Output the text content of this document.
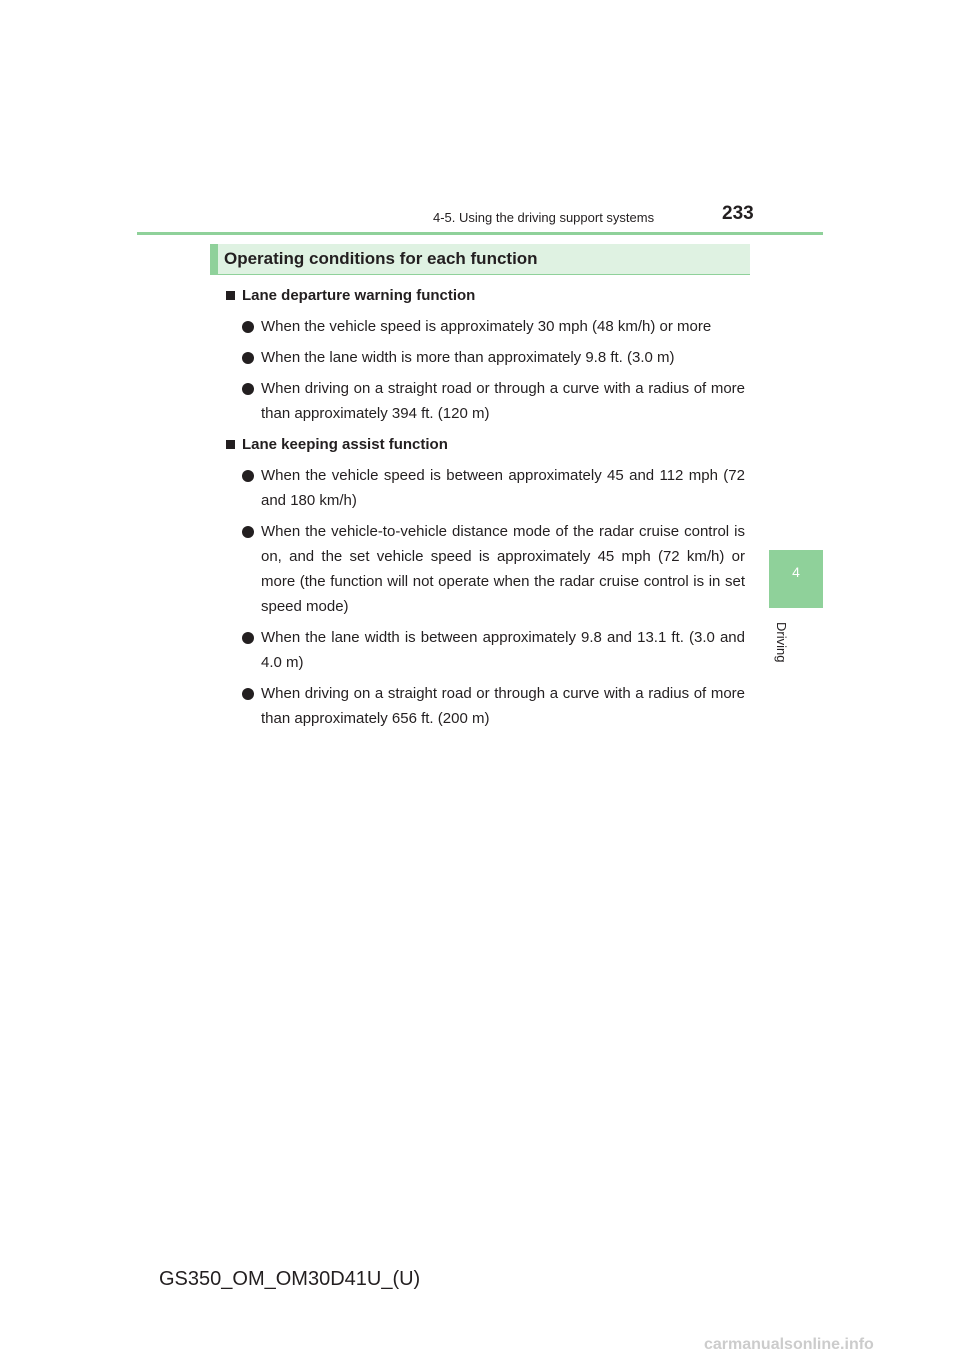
4-5. Using the driving support systems	233
4
Driving
Operating conditions for each function
Lane departure warning function
When the vehicle speed is approximately 30 mph (48 km/h) or more
When the lane width is more than approximately 9.8 ft. (3.0 m)
When driving on a straight road or through a curve with a radius of more than approximately 394 ft. (120 m)
Lane keeping assist function
When the vehicle speed is between approximately 45 and 112 mph (72 and 180 km/h)
When the vehicle-to-vehicle distance mode of the radar cruise control is on, and the set vehicle speed is approximately 45 mph (72 km/h) or more (the function will not operate when the radar cruise control is in set speed mode)
When the lane width is between approximately 9.8 and 13.1 ft. (3.0 and 4.0 m)
When driving on a straight road or through a curve with a radius of more than approximately 656 ft. (200 m)
GS350_OM_OM30D41U_(U)
carmanualsonline.info
